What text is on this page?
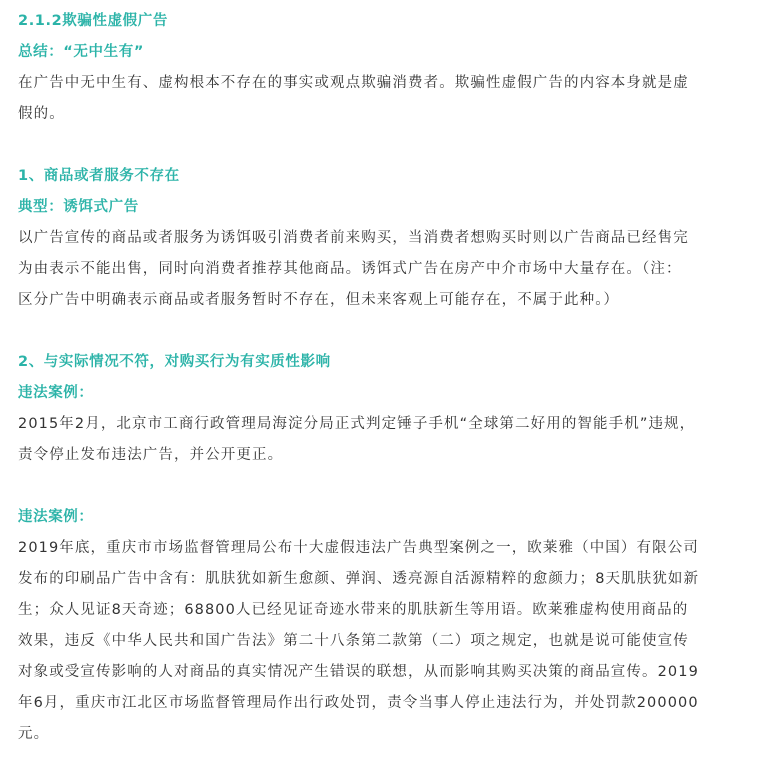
2.1.2欺骗性虚假广告
总结：“无中生有”

在广告中无中生有、虚构根本不存在的事实或观点欺骗消费者。欺骗性虚假广告的内容本身就是虚
假的。

1、商品或者服务不存在
典型：诱饵式广告

以广告宣传的商品或者服务为诱饵吸引消费者前来购买，当消费者想购买时则以广告商品已经售完
为由表示不能出售，同时向消费者推荐其他商品。诱饵式广告在房产中介市场中大量存在。（注：
区分广告中明确表示商品或者服务暂时不存在，但未来客观上可能存在，不属于此种。）

2、与实际情况不符，对购买行为有实质性影响
违法案例：

2015年2月，北京市工商行政管理局海淀分局正式判定锤子手机“全球第二好用的智能手机”违规，
责令停止发布违法广告，并公开更正。

违法案例：

2019年底，重庆市市场监督管理局公布十大虚假违法广告典型案例之一，欧莱雅（中国）有限公司
发布的印刷品广告中含有：肌肤犹如新生愈颜、弹润、透亮源自活源精粹的愈颜力；8天肌肤犹如新
生；众人见证8天奇迹；68800人已经见证奇迹水带来的肌肤新生等用语。欧莱雅虚构使用商品的
效果，违反《中华人民共和国广告法》第二十八条第二款第（二）项之规定，也就是说可能使宣传
对象或受宣传影响的人对商品的真实情况产生错误的联想，从而影响其购买决策的商品宣传。2019
年6月，重庆市江北区市场监督管理局作出行政处罚，责令当事人停止违法行为，并处罚款200000
元。
